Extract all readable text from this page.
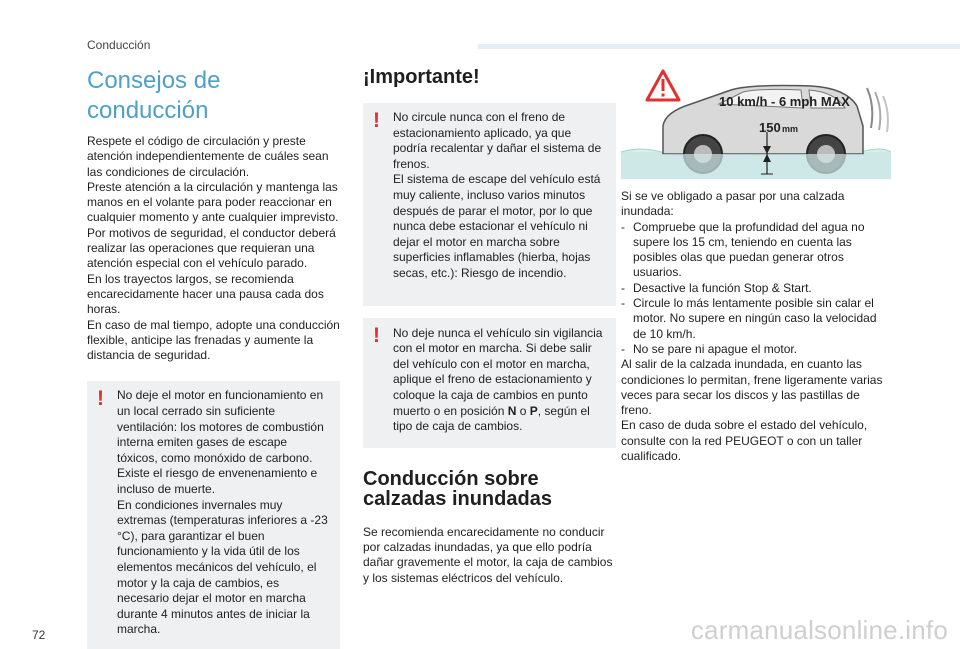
Conducción
Consejos de conducción

Respete el código de circulación y preste atención independientemente de cuáles sean las condiciones de circulación.

Preste atención a la circulación y mantenga las manos en el volante para poder reaccionar en cualquier momento y ante cualquier imprevisto.

Por motivos de seguridad, el conductor deberá realizar las operaciones que requieran una atención especial con el vehículo parado.

En los trayectos largos, se recomienda encarecidamente hacer una pausa cada dos horas.

En caso de mal tiempo, adopte una conducción flexible, anticipe las frenadas y aumente la distancia de seguridad.

! No deje el motor en funcionamiento en un local cerrado sin suficiente ventilación: los motores de combustión interna emiten gases de escape tóxicos, como monóxido de carbono. Existe el riesgo de envenenamiento e incluso de muerte.

En condiciones invernales muy extremas (temperaturas inferiores a -23 °C), para garantizar el buen funcionamiento y la vida útil de los elementos mecánicos del vehículo, el motor y la caja de cambios, es necesario dejar el motor en marcha durante 4 minutos antes de iniciar la marcha.

¡Importante!
! No circule nunca con el freno de estacionamiento aplicado, ya que podría recalentar y dañar el sistema de frenos.

El sistema de escape del vehículo está muy caliente, incluso varios minutos después de parar el motor, por lo que nunca debe estacionar el vehículo ni dejar el motor en marcha sobre superficies inflamables (hierba, hojas secas, etc.): Riesgo de incendio.

! No deje nunca el vehículo sin vigilancia con el motor en marcha. Si debe salir del vehículo con el motor en marcha, aplique el freno de estacionamiento y coloque la caja de cambios en punto muerto o en posición N o P, según el tipo de caja de cambios.

Conducción sobre calzadas inundadas

Se recomienda encarecidamente no conducir por calzadas inundadas, ya que ello podría dañar gravemente el motor, la caja de cambios y los sistemas eléctricos del vehículo.

10 km/h - 6 mph MAX
150 mm

Si se ve obligado a pasar por una calzada inundada:

- Compruebe que la profundidad del agua no supere los 15 cm, teniendo en cuenta las posibles olas que puedan generar otros usuarios.
- Desactive la función Stop & Start.
- Circule lo más lentamente posible sin calar el motor. No supere en ningún caso la velocidad de 10 km/h.
- No se pare ni apague el motor.

Al salir de la calzada inundada, en cuanto las condiciones lo permitan, frene ligeramente varias veces para secar los discos y las pastillas de freno.

En caso de duda sobre el estado del vehículo, consulte con la red PEUGEOT o con un taller cualificado.

72	carmanualsonline.info
